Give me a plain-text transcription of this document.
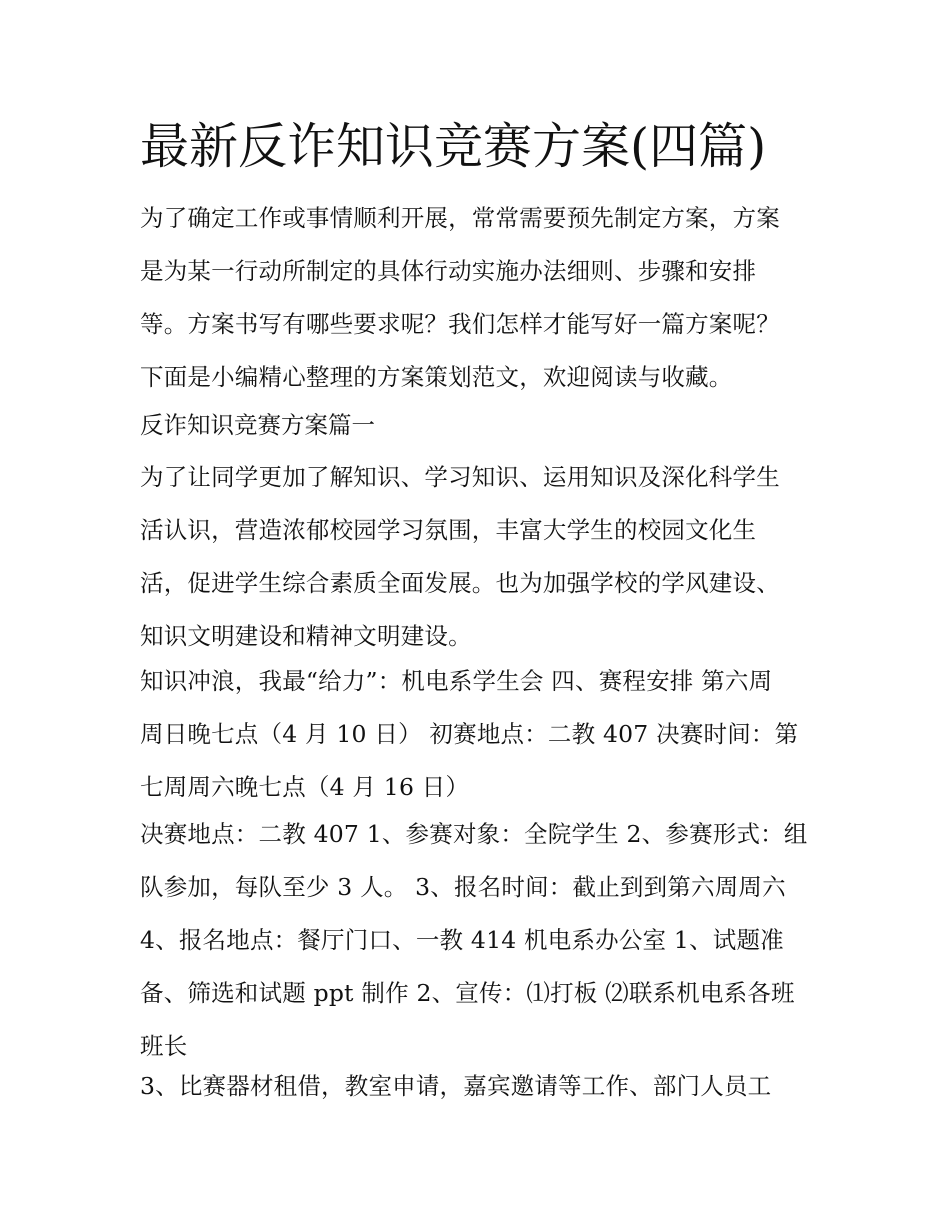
最新反诈知识竞赛方案(四篇)
为了确定工作或事情顺利开展，常常需要预先制定方案，方案
是为某一行动所制定的具体行动实施办法细则、步骤和安排
等。方案书写有哪些要求呢？我们怎样才能写好一篇方案呢？
下面是小编精心整理的方案策划范文，欢迎阅读与收藏。
反诈知识竞赛方案篇一
为了让同学更加了解知识、学习知识、运用知识及深化科学生
活认识，营造浓郁校园学习氛围，丰富大学生的校园文化生
活，促进学生综合素质全面发展。也为加强学校的学风建设、
知识文明建设和精神文明建设。
知识冲浪，我最“给力”：机电系学生会 四、赛程安排 第六周
周日晚七点（4 月 10 日） 初赛地点：二教 407 决赛时间：第
七周周六晚七点（4 月 16 日）
决赛地点：二教 407 1、参赛对象：全院学生 2、参赛形式：组
队参加，每队至少 3 人。 3、报名时间：截止到到第六周周六
4、报名地点：餐厅门口、一教 414 机电系办公室 1、试题准
备、筛选和试题 ppt 制作 2、宣传：⑴打板 ⑵联系机电系各班
班长
3、比赛器材租借，教室申请，嘉宾邀请等工作、部门人员工
